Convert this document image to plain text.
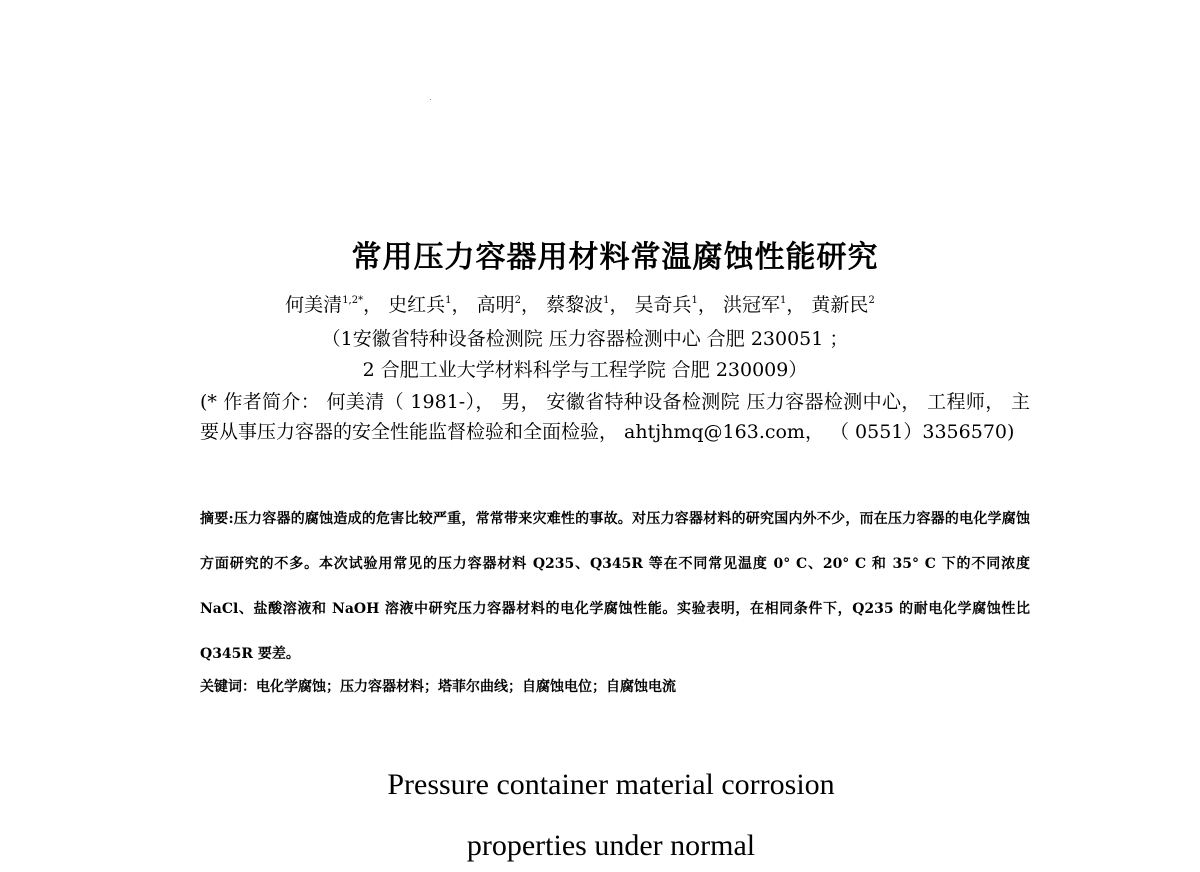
常用压力容器用材料常温腐蚀性能研究
何美清$^{1,2*}$， 史红兵$^1$， 高明$^2$， 蔡黎波$^1$， 吴奇兵$^1$， 洪冠军$^1$， 黄新民$^2$
（1安徽省特种设备检测院 压力容器检测中心 合肥 230051 ；
2 合肥工业大学材料科学与工程学院 合肥 230009）
(* 作者简介： 何美清（ 1981-）， 男， 安徽省特种设备检测院 压力容器检测中心， 工程师， 主要从事压力容器的安全性能监督检验和全面检验， ahtjhmq@163.com， （ 0551）3356570)
摘要:压力容器的腐蚀造成的危害比较严重，常常带来灾难性的事故。对压力容器材料的研究国内外不少，而在压力容器的电化学腐蚀方面研究的不多。本次试验用常见的压力容器材料 Q235、Q345R 等在不同常见温度 0° C、20° C 和 35° C 下的不同浓度 NaCl、盐酸溶液和 NaOH 溶液中研究压力容器材料的电化学腐蚀性能。实验表明，在相同条件下，Q235 的耐电化学腐蚀性比 Q345R 要差。
关键词：电化学腐蚀；压力容器材料；塔菲尔曲线；自腐蚀电位；自腐蚀电流
Pressure container material corrosion
properties under normal
